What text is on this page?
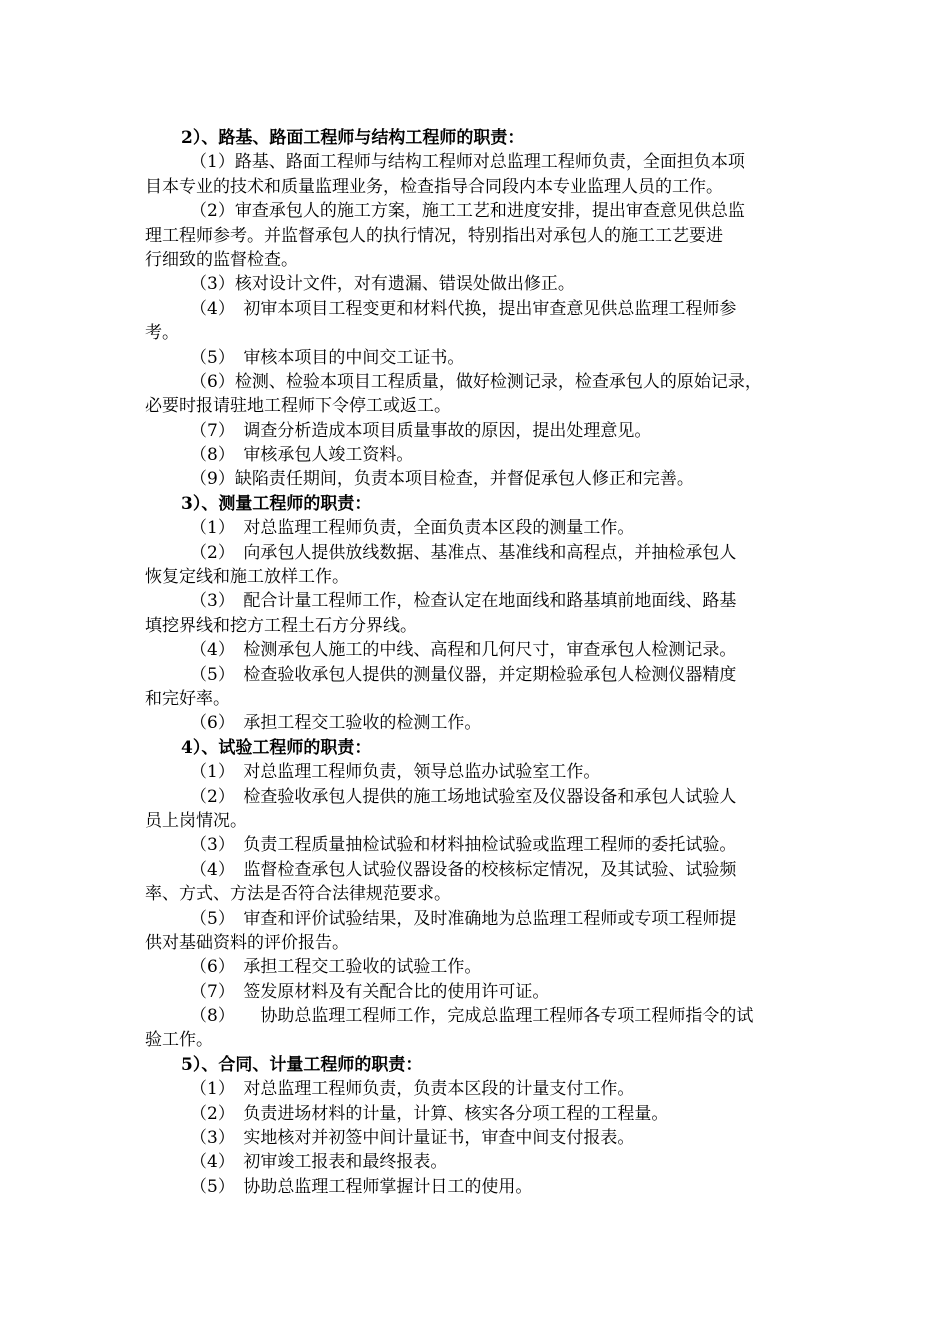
2）、路基、路面工程师与结构工程师的职责：
（1）路基、路面工程师与结构工程师对总监理工程师负责，全面担负本项
目本专业的技术和质量监理业务，检查指导合同段内本专业监理人员的工作。
（2）审查承包人的施工方案，施工工艺和进度安排，提出审查意见供总监
理工程师参考。并监督承包人的执行情况，特别指出对承包人的施工工艺要进
行细致的监督检查。
（3）核对设计文件，对有遗漏、错误处做出修正。
（4）　初审本项目工程变更和材料代换，提出审查意见供总监理工程师参
考。
（5）　审核本项目的中间交工证书。
（6）检测、检验本项目工程质量，做好检测记录，检查承包人的原始记录，
必要时报请驻地工程师下令停工或返工。
（7）　调查分析造成本项目质量事故的原因，提出处理意见。
（8）　审核承包人竣工资料。
（9）缺陷责任期间，负责本项目检查，并督促承包人修正和完善。
3）、测量工程师的职责：
（1）　对总监理工程师负责，全面负责本区段的测量工作。
（2）　向承包人提供放线数据、基准点、基准线和高程点，并抽检承包人
恢复定线和施工放样工作。
（3）　配合计量工程师工作，检查认定在地面线和路基填前地面线、路基
填挖界线和挖方工程土石方分界线。
（4）　检测承包人施工的中线、高程和几何尺寸，审查承包人检测记录。
（5）　检查验收承包人提供的测量仪器，并定期检验承包人检测仪器精度
和完好率。
（6）　承担工程交工验收的检测工作。
4）、试验工程师的职责：
（1）　对总监理工程师负责，领导总监办试验室工作。
（2）　检查验收承包人提供的施工场地试验室及仪器设备和承包人试验人
员上岗情况。
（3）　负责工程质量抽检试验和材料抽检试验或监理工程师的委托试验。
（4）　监督检查承包人试验仪器设备的校核标定情况，及其试验、试验频
率、方式、方法是否符合法律规范要求。
（5）　审查和评价试验结果，及时准确地为总监理工程师或专项工程师提
供对基础资料的评价报告。
（6）　承担工程交工验收的试验工作。
（7）　签发原材料及有关配合比的使用许可证。
（8）　　协助总监理工程师工作，完成总监理工程师各专项工程师指令的试
验工作。
5）、合同、计量工程师的职责：
（1）　对总监理工程师负责，负责本区段的计量支付工作。
（2）　负责进场材料的计量，计算、核实各分项工程的工程量。
（3）　实地核对并初签中间计量证书，审查中间支付报表。
（4）　初审竣工报表和最终报表。
（5）　协助总监理工程师掌握计日工的使用。
